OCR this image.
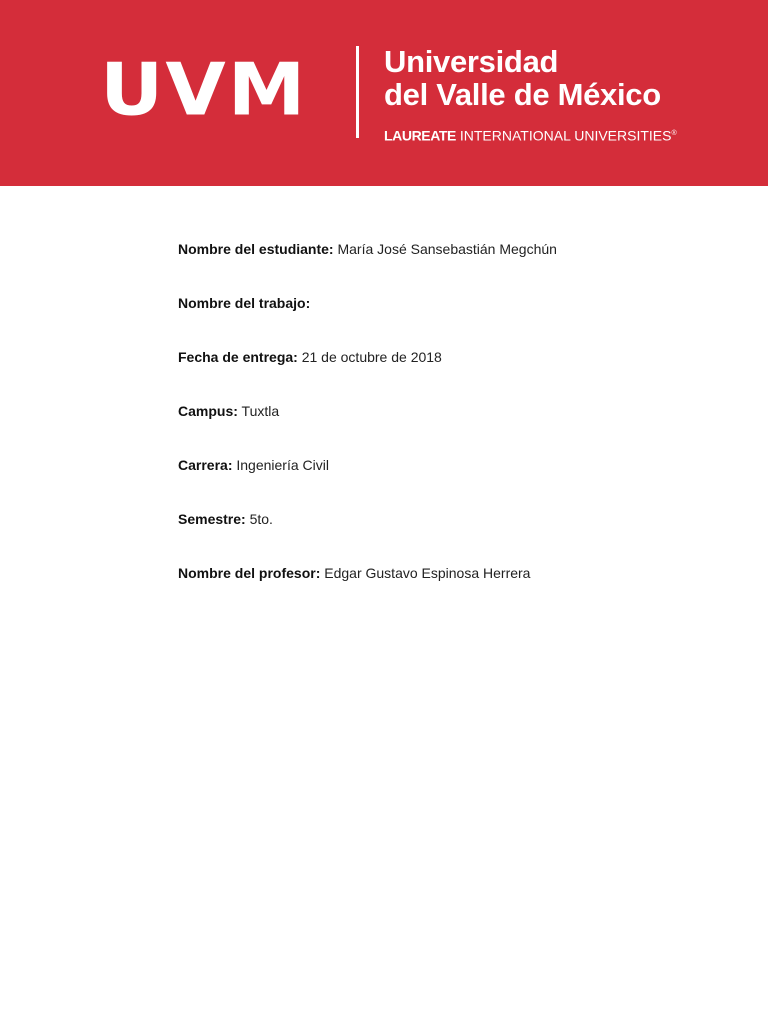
UVM Universidad
del Valle de México
LAUREATE INTERNATIONAL UNIVERSITIES®
Nombre del estudiante: María José Sansebastián Megchún
Nombre del trabajo:
Fecha de entrega: 21 de octubre de 2018
Campus: Tuxtla
Carrera: Ingeniería Civil
Semestre: 5to.
Nombre del profesor: Edgar Gustavo Espinosa Herrera
